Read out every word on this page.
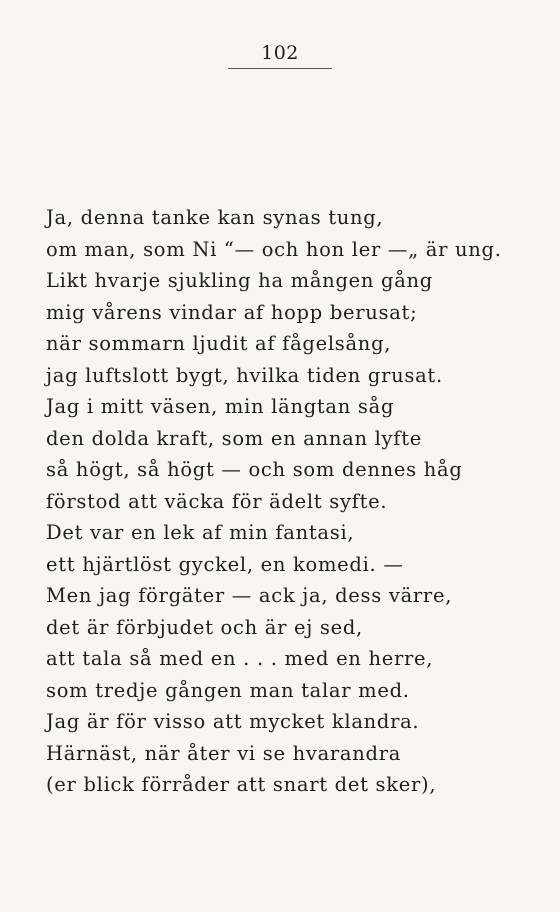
102
Ja, denna tanke kan synas tung,
om man, som Ni “— och hon ler —„ är ung.
Likt hvarje sjukling ha mången gång
mig vårens vindar af hopp berusat;
när sommarn ljudit af fågelsång,
jag luftslott bygt, hvilka tiden grusat.
Jag i mitt väsen, min längtan såg
den dolda kraft, som en annan lyfte
så högt, så högt — och som dennes håg
förstod att väcka för ädelt syfte.
Det var en lek af min fantasi,
ett hjärtlöst gyckel, en komedi. —
Men jag förgäter — ack ja, dess värre,
det är förbjudet och är ej sed,
att tala så med en . . . med en herre,
som tredje gången man talar med.
Jag är för visso att mycket klandra.
Härnäst, när åter vi se hvarandra
(er blick förråder att snart det sker),
